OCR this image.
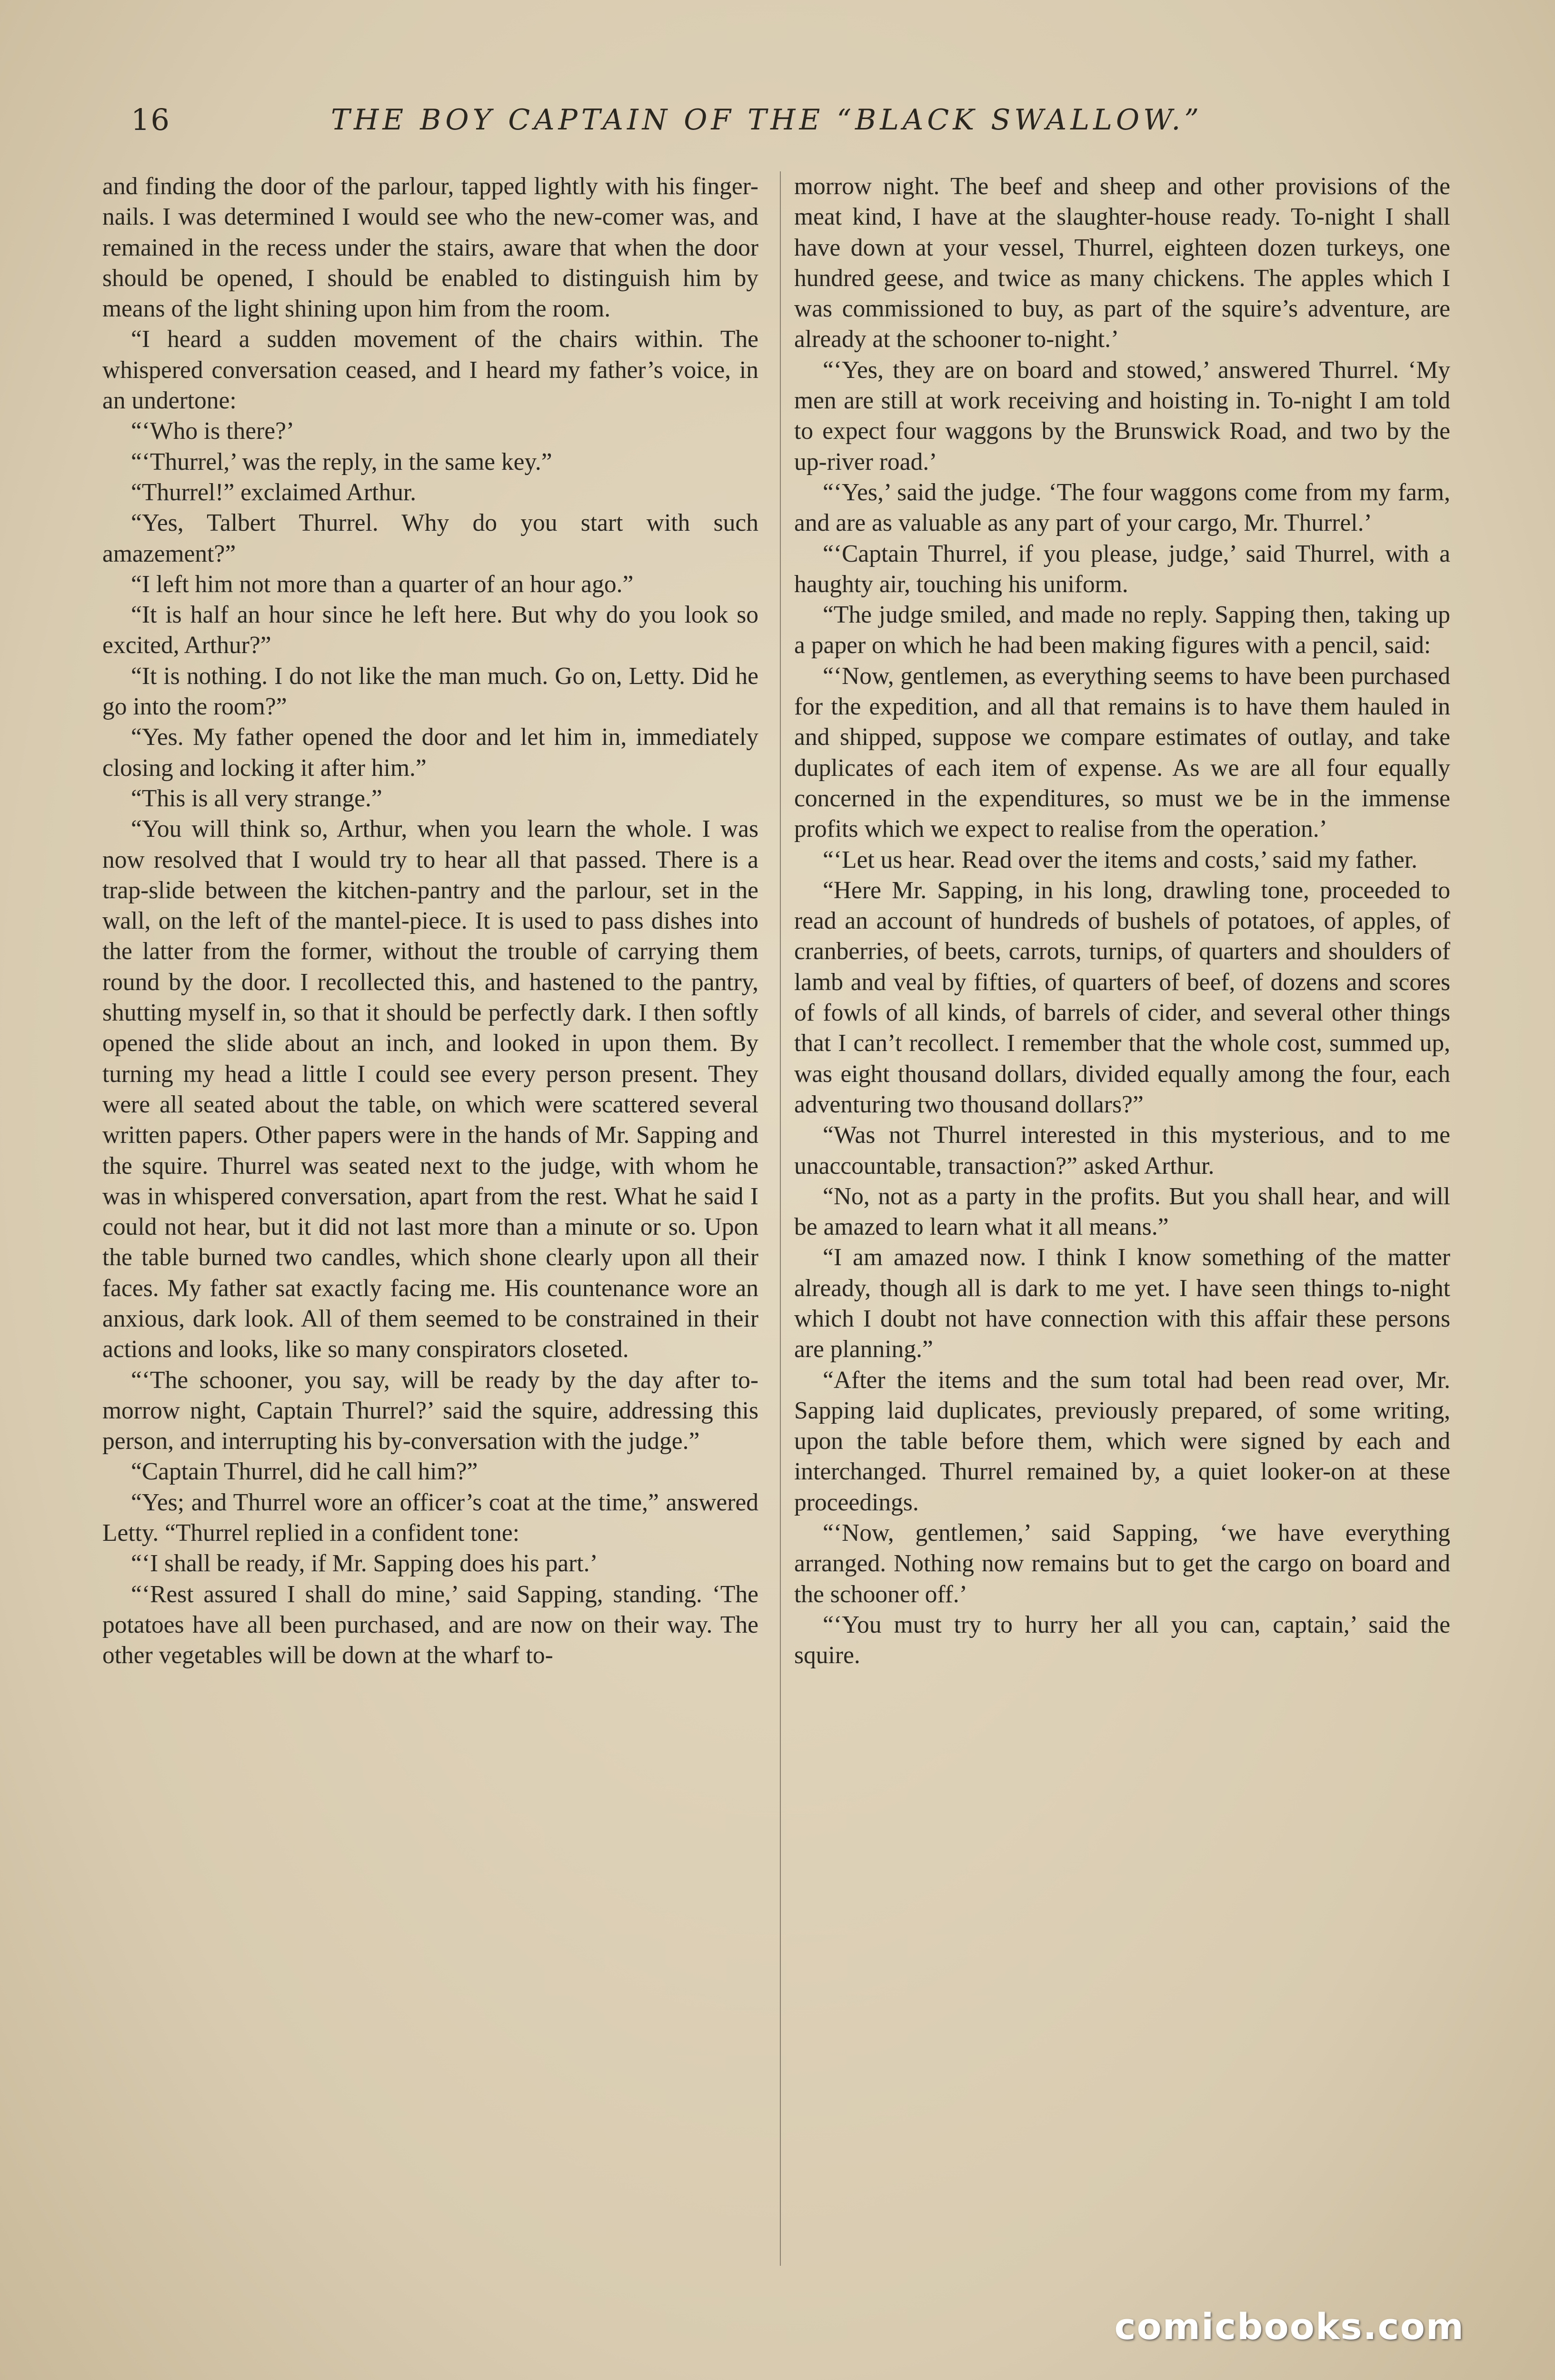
16	THE BOY CAPTAIN OF THE “BLACK SWALLOW.”

and finding the door of the parlour, tapped lightly with his finger-nails. I was determined I would see who the new-comer was, and remained in the recess under the stairs, aware that when the door should be opened, I should be enabled to distinguish him by means of the light shining upon him from the room.

“I heard a sudden movement of the chairs within. The whispered conversation ceased, and I heard my father’s voice, in an undertone:

“‘Who is there?’

“‘Thurrel,’ was the reply, in the same key.”

“Thurrel!” exclaimed Arthur.

“Yes, Talbert Thurrel. Why do you start with such amazement?”

“I left him not more than a quarter of an hour ago.”

“It is half an hour since he left here. But why do you look so excited, Arthur?”

“It is nothing. I do not like the man much. Go on, Letty. Did he go into the room?”

“Yes. My father opened the door and let him in, immediately closing and locking it after him.”

“This is all very strange.”

“You will think so, Arthur, when you learn the whole. I was now resolved that I would try to hear all that passed. There is a trap-slide between the kitchen-pantry and the parlour, set in the wall, on the left of the mantel-piece. It is used to pass dishes into the latter from the former, without the trouble of carrying them round by the door. I recollected this, and hastened to the pantry, shutting myself in, so that it should be perfectly dark. I then softly opened the slide about an inch, and looked in upon them. By turning my head a little I could see every person present. They were all seated about the table, on which were scattered several written papers. Other papers were in the hands of Mr. Sapping and the squire. Thurrel was seated next to the judge, with whom he was in whispered conversation, apart from the rest. What he said I could not hear, but it did not last more than a minute or so. Upon the table burned two candles, which shone clearly upon all their faces. My father sat exactly facing me. His countenance wore an anxious, dark look. All of them seemed to be constrained in their actions and looks, like so many conspirators closeted.

“‘The schooner, you say, will be ready by the day after to-morrow night, Captain Thurrel?’ said the squire, addressing this person, and interrupting his by-conversation with the judge.”

“Captain Thurrel, did he call him?”

“Yes; and Thurrel wore an officer’s coat at the time,” answered Letty. “Thurrel replied in a confident tone:

“‘I shall be ready, if Mr. Sapping does his part.’

“‘Rest assured I shall do mine,’ said Sapping, standing. ‘The potatoes have all been purchased, and are now on their way. The other vegetables will be down at the wharf to-

morrow night. The beef and sheep and other provisions of the meat kind, I have at the slaughter-house ready. To-night I shall have down at your vessel, Thurrel, eighteen dozen turkeys, one hundred geese, and twice as many chickens. The apples which I was commissioned to buy, as part of the squire’s adventure, are already at the schooner to-night.’

“‘Yes, they are on board and stowed,’ answered Thurrel. ‘My men are still at work receiving and hoisting in. To-night I am told to expect four waggons by the Brunswick Road, and two by the up-river road.’

“‘Yes,’ said the judge. ‘The four waggons come from my farm, and are as valuable as any part of your cargo, Mr. Thurrel.’

“‘Captain Thurrel, if you please, judge,’ said Thurrel, with a haughty air, touching his uniform.

“The judge smiled, and made no reply. Sapping then, taking up a paper on which he had been making figures with a pencil, said:

“‘Now, gentlemen, as everything seems to have been purchased for the expedition, and all that remains is to have them hauled in and shipped, suppose we compare estimates of outlay, and take duplicates of each item of expense. As we are all four equally concerned in the expenditures, so must we be in the immense profits which we expect to realise from the operation.’

“‘Let us hear. Read over the items and costs,’ said my father.

“Here Mr. Sapping, in his long, drawling tone, proceeded to read an account of hundreds of bushels of potatoes, of apples, of cranberries, of beets, carrots, turnips, of quarters and shoulders of lamb and veal by fifties, of quarters of beef, of dozens and scores of fowls of all kinds, of barrels of cider, and several other things that I can’t recollect. I remember that the whole cost, summed up, was eight thousand dollars, divided equally among the four, each adventuring two thousand dollars?”

“Was not Thurrel interested in this mysterious, and to me unaccountable, transaction?” asked Arthur.

“No, not as a party in the profits. But you shall hear, and will be amazed to learn what it all means.”

“I am amazed now. I think I know something of the matter already, though all is dark to me yet. I have seen things to-night which I doubt not have connection with this affair these persons are planning.”

“After the items and the sum total had been read over, Mr. Sapping laid duplicates, previously prepared, of some writing, upon the table before them, which were signed by each and interchanged. Thurrel remained by, a quiet looker-on at these proceedings.

“‘Now, gentlemen,’ said Sapping, ‘we have everything arranged. Nothing now remains but to get the cargo on board and the schooner off.’

“‘You must try to hurry her all you can, captain,’ said the squire.

comicbooks.com
